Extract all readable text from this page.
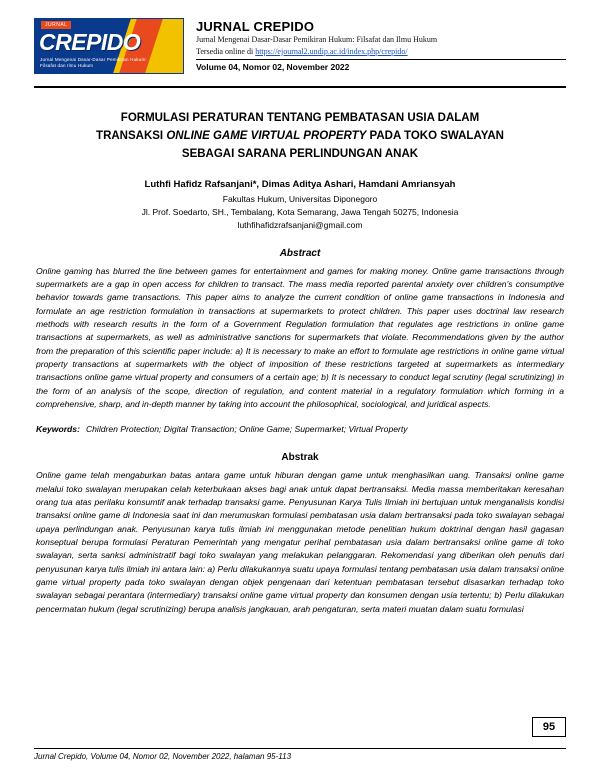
JURNAL
CREPIDO
Jurnal Mengenai Dasar-Dasar Pemikiran Hukum: Filsafat dan Ilmu Hukum
JURNAL CREPIDO
Jurnal Mengenai Dasar-Dasar Pemikiran Hukum: Filsafat dan Ilmu Hukum
Tersedia online di https://ejournal2.undip.ac.id/index.php/crepido/
Volume 04, Nomor 02, November 2022
FORMULASI PERATURAN TENTANG PEMBATASAN USIA DALAM
TRANSAKSI ONLINE GAME VIRTUAL PROPERTY PADA TOKO SWALAYAN
SEBAGAI SARANA PERLINDUNGAN ANAK
Luthfi Hafidz Rafsanjani*, Dimas Aditya Ashari, Hamdani Amriansyah
Fakultas Hukum, Universitas Diponegoro
Jl. Prof. Soedarto, SH., Tembalang, Kota Semarang, Jawa Tengah 50275, Indonesia
luthfihafidzrafsanjani@gmail.com
Abstract
Online gaming has blurred the line between games for entertainment and games for making money. Online game transactions through supermarkets are a gap in open access for children to transact. The mass media reported parental anxiety over children's consumptive behavior towards game transactions. This paper aims to analyze the current condition of online game transactions in Indonesia and formulate an age restriction formulation in transactions at supermarkets to protect children. This paper uses doctrinal law research methods with research results in the form of a Government Regulation formulation that regulates age restrictions in online game transactions at supermarkets, as well as administrative sanctions for supermarkets that violate. Recommendations given by the author from the preparation of this scientific paper include: a) It is necessary to make an effort to formulate age restrictions in online game virtual property transactions at supermarkets with the object of imposition of these restrictions targeted at supermarkets as intermediary transactions online game virtual property and consumers of a certain age; b) It is necessary to conduct legal scrutiny (legal scrutinizing) in the form of an analysis of the scope, direction of regulation, and content material in a regulatory formulation which forming in a comprehensive, sharp, and in-depth manner by taking into account the philosophical, sociological, and juridical aspects.
Keywords: Children Protection; Digital Transaction; Online Game; Supermarket; Virtual Property
Abstrak
Online game telah mengaburkan batas antara game untuk hiburan dengan game untuk menghasilkan uang. Transaksi online game melalui toko swalayan merupakan celah keterbukaan akses bagi anak untuk dapat bertransaksi. Media massa memberitakan keresahan orang tua atas perilaku konsumtif anak terhadap transaksi game. Penyusunan Karya Tulis Ilmiah ini bertujuan untuk menganalisis kondisi transaksi online game di Indonesia saat ini dan merumuskan formulasi pembatasan usia dalam bertransaksi pada toko swalayan sebagai upaya perlindungan anak. Penyusunan karya tulis ilmiah ini menggunakan metode penelitian hukum doktrinal dengan hasil gagasan konseptual berupa formulasi Peraturan Pemerintah yang mengatur perihal pembatasan usia dalam bertransaksi online game di toko swalayan, serta sanksi administratif bagi toko swalayan yang melakukan pelanggaran. Rekomendasi yang diberikan oleh penulis dari penyusunan karya tulis ilmiah ini antara lain: a) Perlu dilakukannya suatu upaya formulasi tentang pembatasan usia dalam transaksi online game virtual property pada toko swalayan dengan objek pengenaan dari ketentuan pembatasan tersebut disasarkan terhadap toko swalayan sebagai perantara (intermediary) transaksi online game virtual property dan konsumen dengan usia tertentu; b) Perlu dilakukan pencermatan hukum (legal scrutinizing) berupa analisis jangkauan, arah pengaturan, serta materi muatan dalam suatu formulasi
95
Jurnal Crepido, Volume 04, Nomor 02, November 2022, halaman 95-113
